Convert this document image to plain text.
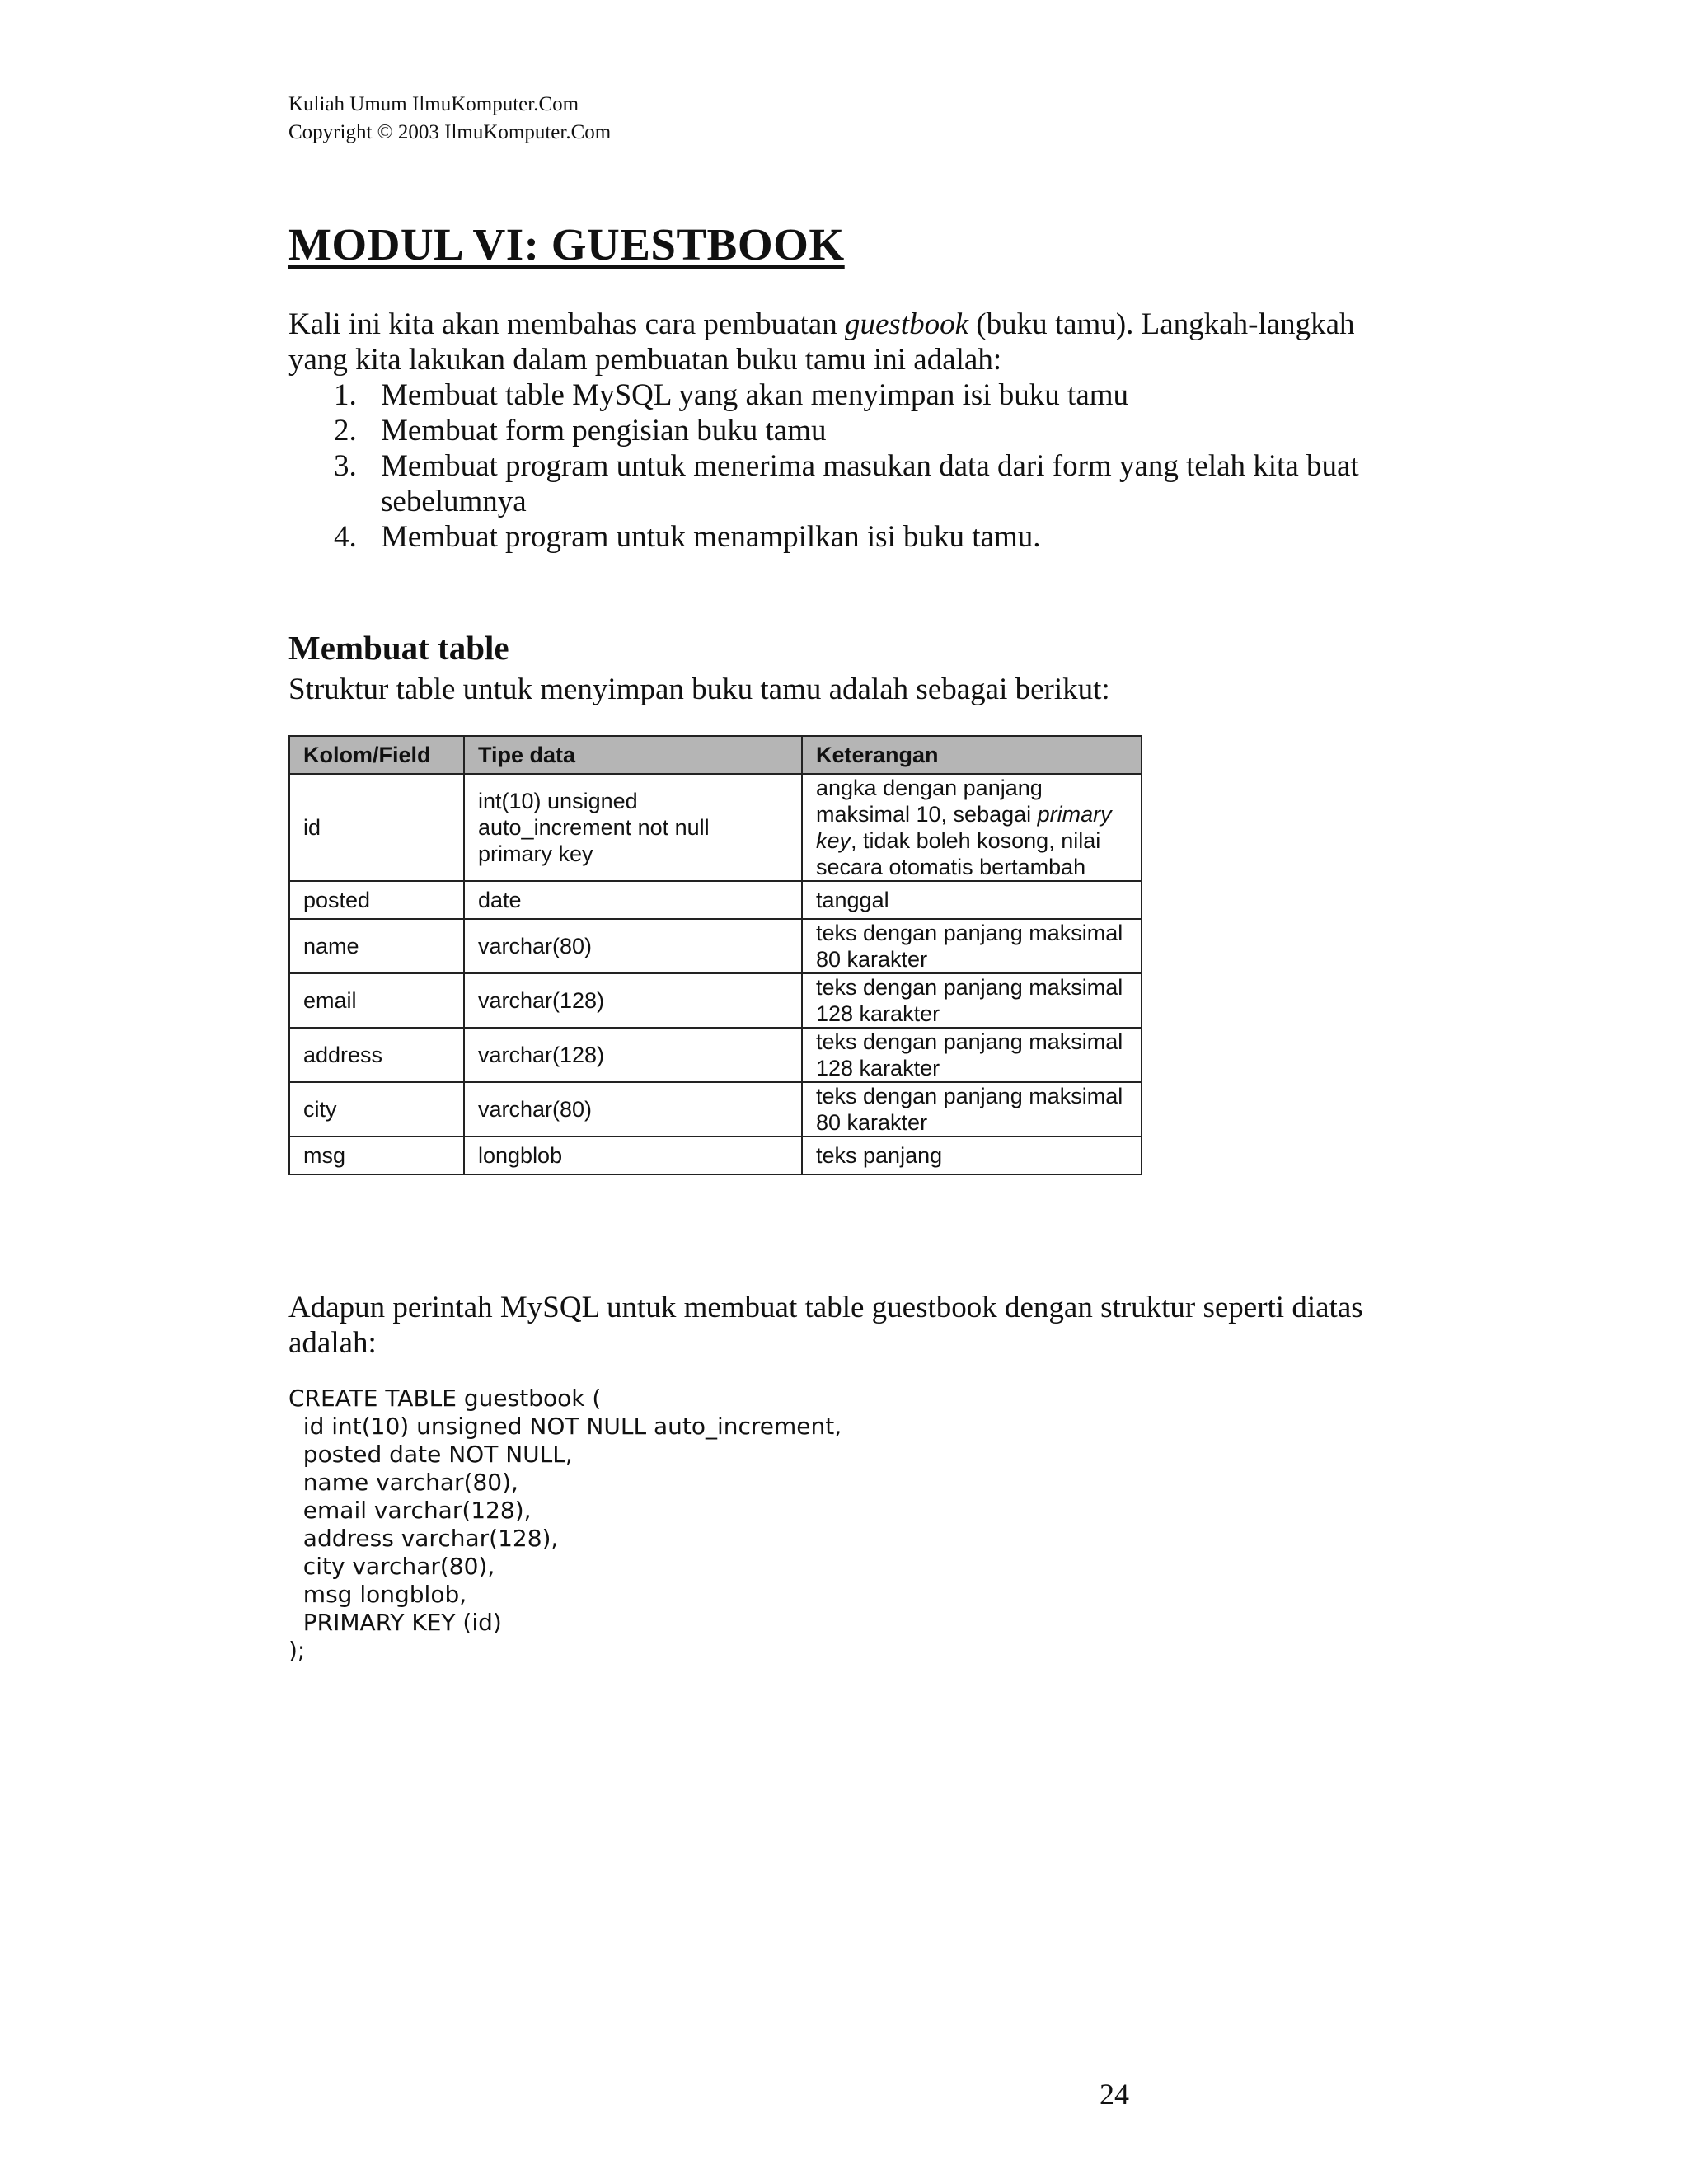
Kuliah Umum IlmuKomputer.Com
Copyright © 2003 IlmuKomputer.Com
MODUL VI: GUESTBOOK
Kali ini kita akan membahas cara pembuatan guestbook (buku tamu). Langkah-langkah yang kita lakukan dalam pembuatan buku tamu ini adalah:
1. Membuat table MySQL yang akan menyimpan isi buku tamu
2. Membuat form pengisian buku tamu
3. Membuat program untuk menerima masukan data dari form yang telah kita buat sebelumnya
4. Membuat program untuk menampilkan isi buku tamu.
Membuat table
Struktur table untuk menyimpan buku tamu adalah sebagai berikut:
Kolom/Field	Tipe data	Keterangan
id	int(10) unsigned auto_increment not null primary key	angka dengan panjang maksimal 10, sebagai primary key, tidak boleh kosong, nilai secara otomatis bertambah
posted	date	tanggal
name	varchar(80)	teks dengan panjang maksimal 80 karakter
email	varchar(128)	teks dengan panjang maksimal 128 karakter
address	varchar(128)	teks dengan panjang maksimal 128 karakter
city	varchar(80)	teks dengan panjang maksimal 80 karakter
msg	longblob	teks panjang
Adapun perintah MySQL untuk membuat table guestbook dengan struktur seperti diatas adalah:
CREATE TABLE guestbook (
id int(10) unsigned NOT NULL auto_increment,
posted date NOT NULL,
name varchar(80),
email varchar(128),
address varchar(128),
city varchar(80),
msg longblob,
PRIMARY KEY (id)
);
24
